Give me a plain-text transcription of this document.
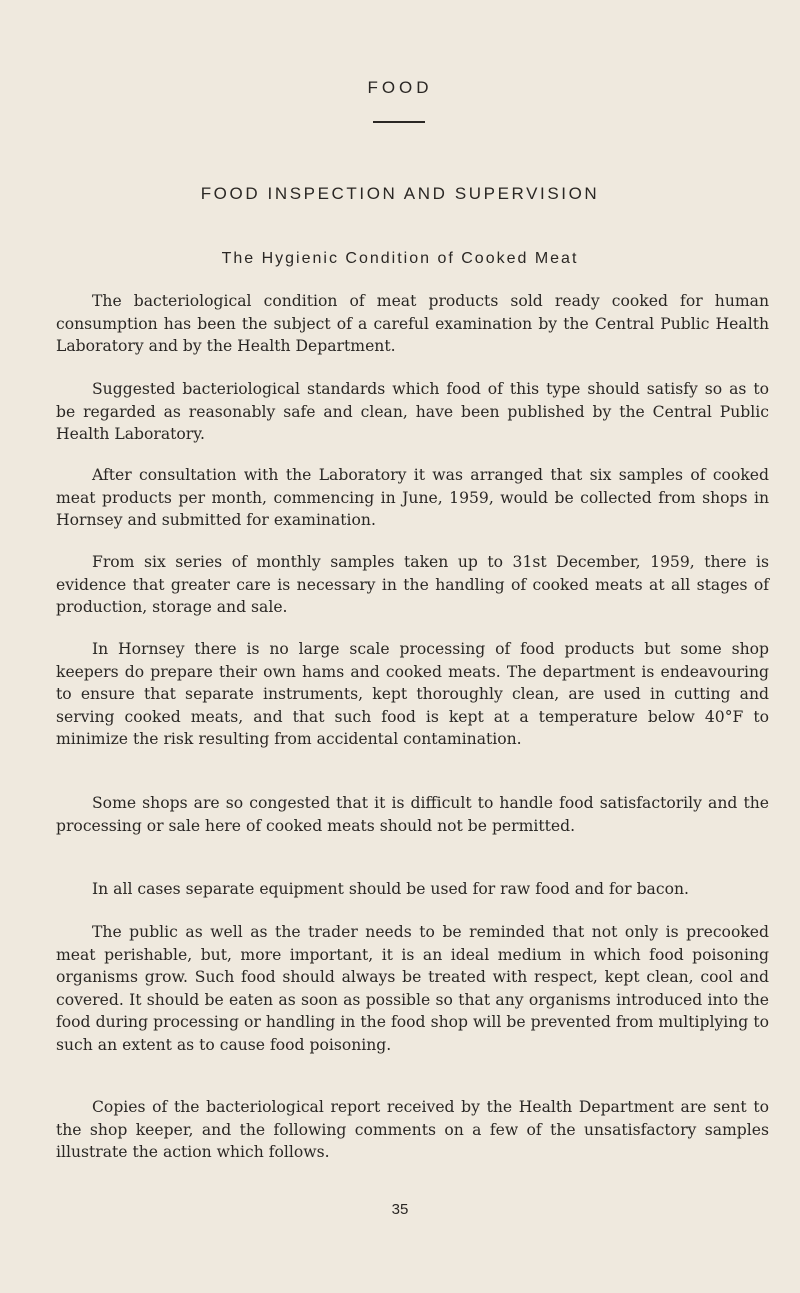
FOOD
FOOD INSPECTION AND SUPERVISION
The Hygienic Condition of Cooked Meat

The bacteriological condition of meat products sold ready cooked for human consumption has been the subject of a careful examination by the Central Public Health Laboratory and by the Health Department.

Suggested bacteriological standards which food of this type should satisfy so as to be regarded as reasonably safe and clean, have been published by the Central Public Health Laboratory.

After consultation with the Laboratory it was arranged that six samples of cooked meat products per month, commencing in June, 1959, would be collected from shops in Hornsey and submitted for examination.

From six series of monthly samples taken up to 31st December, 1959, there is evidence that greater care is necessary in the handling of cooked meats at all stages of production, storage and sale.

In Hornsey there is no large scale processing of food products but some shop keepers do prepare their own hams and cooked meats. The department is endeavouring to ensure that separate instruments, kept thoroughly clean, are used in cutting and serving cooked meats, and that such food is kept at a temperature below 40°F to minimize the risk resulting from accidental contamination.

Some shops are so congested that it is difficult to handle food satisfactorily and the processing or sale here of cooked meats should not be permitted.

In all cases separate equipment should be used for raw food and for bacon.

The public as well as the trader needs to be reminded that not only is precooked meat perishable, but, more important, it is an ideal medium in which food poisoning organisms grow. Such food should always be treated with respect, kept clean, cool and covered. It should be eaten as soon as possible so that any organisms introduced into the food during processing or handling in the food shop will be prevented from multiplying to such an extent as to cause food poisoning.

Copies of the bacteriological report received by the Health Department are sent to the shop keeper, and the following comments on a few of the unsatisfactory samples illustrate the action which follows.

35
